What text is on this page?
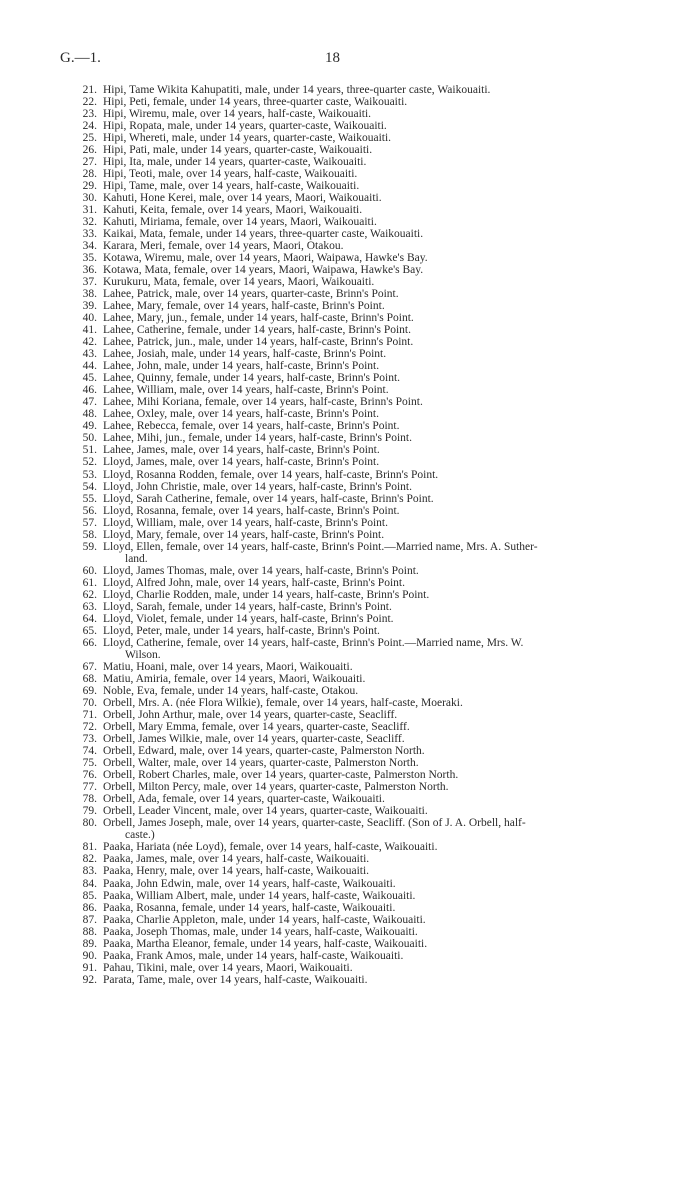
G.—1.	18
21. Hipi, Tame Wikita Kahupatiti, male, under 14 years, three-quarter caste, Waikouaiti.
22. Hipi, Peti, female, under 14 years, three-quarter caste, Waikouaiti.
23. Hipi, Wiremu, male, over 14 years, half-caste, Waikouaiti.
24. Hipi, Ropata, male, under 14 years, quarter-caste, Waikouaiti.
25. Hipi, Whereti, male, under 14 years, quarter-caste, Waikouaiti.
26. Hipi, Pati, male, under 14 years, quarter-caste, Waikouaiti.
27. Hipi, Ita, male, under 14 years, quarter-caste, Waikouaiti.
28. Hipi, Teoti, male, over 14 years, half-caste, Waikouaiti.
29. Hipi, Tame, male, over 14 years, half-caste, Waikouaiti.
30. Kahuti, Hone Kerei, male, over 14 years, Maori, Waikouaiti.
31. Kahuti, Keita, female, over 14 years, Maori, Waikouaiti.
32. Kahuti, Miriama, female, over 14 years, Maori, Waikouaiti.
33. Kaikai, Mata, female, under 14 years, three-quarter caste, Waikouaiti.
34. Karara, Meri, female, over 14 years, Maori, Otakou.
35. Kotawa, Wiremu, male, over 14 years, Maori, Waipawa, Hawke's Bay.
36. Kotawa, Mata, female, over 14 years, Maori, Waipawa, Hawke's Bay.
37. Kurukuru, Mata, female, over 14 years, Maori, Waikouaiti.
38. Lahee, Patrick, male, over 14 years, quarter-caste, Brinn's Point.
39. Lahee, Mary, female, over 14 years, half-caste, Brinn's Point.
40. Lahee, Mary, jun., female, under 14 years, half-caste, Brinn's Point.
41. Lahee, Catherine, female, under 14 years, half-caste, Brinn's Point.
42. Lahee, Patrick, jun., male, under 14 years, half-caste, Brinn's Point.
43. Lahee, Josiah, male, under 14 years, half-caste, Brinn's Point.
44. Lahee, John, male, under 14 years, half-caste, Brinn's Point.
45. Lahee, Quinny, female, under 14 years, half-caste, Brinn's Point.
46. Lahee, William, male, over 14 years, half-caste, Brinn's Point.
47. Lahee, Mihi Koriana, female, over 14 years, half-caste, Brinn's Point.
48. Lahee, Oxley, male, over 14 years, half-caste, Brinn's Point.
49. Lahee, Rebecca, female, over 14 years, half-caste, Brinn's Point.
50. Lahee, Mihi, jun., female, under 14 years, half-caste, Brinn's Point.
51. Lahee, James, male, over 14 years, half-caste, Brinn's Point.
52. Lloyd, James, male, over 14 years, half-caste, Brinn's Point.
53. Lloyd, Rosanna Rodden, female, over 14 years, half-caste, Brinn's Point.
54. Lloyd, John Christie, male, over 14 years, half-caste, Brinn's Point.
55. Lloyd, Sarah Catherine, female, over 14 years, half-caste, Brinn's Point.
56. Lloyd, Rosanna, female, over 14 years, half-caste, Brinn's Point.
57. Lloyd, William, male, over 14 years, half-caste, Brinn's Point.
58. Lloyd, Mary, female, over 14 years, half-caste, Brinn's Point.
59. Lloyd, Ellen, female, over 14 years, half-caste, Brinn's Point.—Married name, Mrs. A. Suther-
land.
60. Lloyd, James Thomas, male, over 14 years, half-caste, Brinn's Point.
61. Lloyd, Alfred John, male, over 14 years, half-caste, Brinn's Point.
62. Lloyd, Charlie Rodden, male, under 14 years, half-caste, Brinn's Point.
63. Lloyd, Sarah, female, under 14 years, half-caste, Brinn's Point.
64. Lloyd, Violet, female, under 14 years, half-caste, Brinn's Point.
65. Lloyd, Peter, male, under 14 years, half-caste, Brinn's Point.
66. Lloyd, Catherine, female, over 14 years, half-caste, Brinn's Point.—Married name, Mrs. W.
Wilson.
67. Matiu, Hoani, male, over 14 years, Maori, Waikouaiti.
68. Matiu, Amiria, female, over 14 years, Maori, Waikouaiti.
69. Noble, Eva, female, under 14 years, half-caste, Otakou.
70. Orbell, Mrs. A. (née Flora Wilkie), female, over 14 years, half-caste, Moeraki.
71. Orbell, John Arthur, male, over 14 years, quarter-caste, Seacliff.
72. Orbell, Mary Emma, female, over 14 years, quarter-caste, Seacliff.
73. Orbell, James Wilkie, male, over 14 years, quarter-caste, Seacliff.
74. Orbell, Edward, male, over 14 years, quarter-caste, Palmerston North.
75. Orbell, Walter, male, over 14 years, quarter-caste, Palmerston North.
76. Orbell, Robert Charles, male, over 14 years, quarter-caste, Palmerston North.
77. Orbell, Milton Percy, male, over 14 years, quarter-caste, Palmerston North.
78. Orbell, Ada, female, over 14 years, quarter-caste, Waikouaiti.
79. Orbell, Leader Vincent, male, over 14 years, quarter-caste, Waikouaiti.
80. Orbell, James Joseph, male, over 14 years, quarter-caste, Seacliff. (Son of J. A. Orbell, half-
caste.)
81. Paaka, Hariata (née Loyd), female, over 14 years, half-caste, Waikouaiti.
82. Paaka, James, male, over 14 years, half-caste, Waikouaiti.
83. Paaka, Henry, male, over 14 years, half-caste, Waikouaiti.
84. Paaka, John Edwin, male, over 14 years, half-caste, Waikouaiti.
85. Paaka, William Albert, male, under 14 years, half-caste, Waikouaiti.
86. Paaka, Rosanna, female, under 14 years, half-caste, Waikouaiti.
87. Paaka, Charlie Appleton, male, under 14 years, half-caste, Waikouaiti.
88. Paaka, Joseph Thomas, male, under 14 years, half-caste, Waikouaiti.
89. Paaka, Martha Eleanor, female, under 14 years, half-caste, Waikouaiti.
90. Paaka, Frank Amos, male, under 14 years, half-caste, Waikouaiti.
91. Pahau, Tikini, male, over 14 years, Maori, Waikouaiti.
92. Parata, Tame, male, over 14 years, half-caste, Waikouaiti.
